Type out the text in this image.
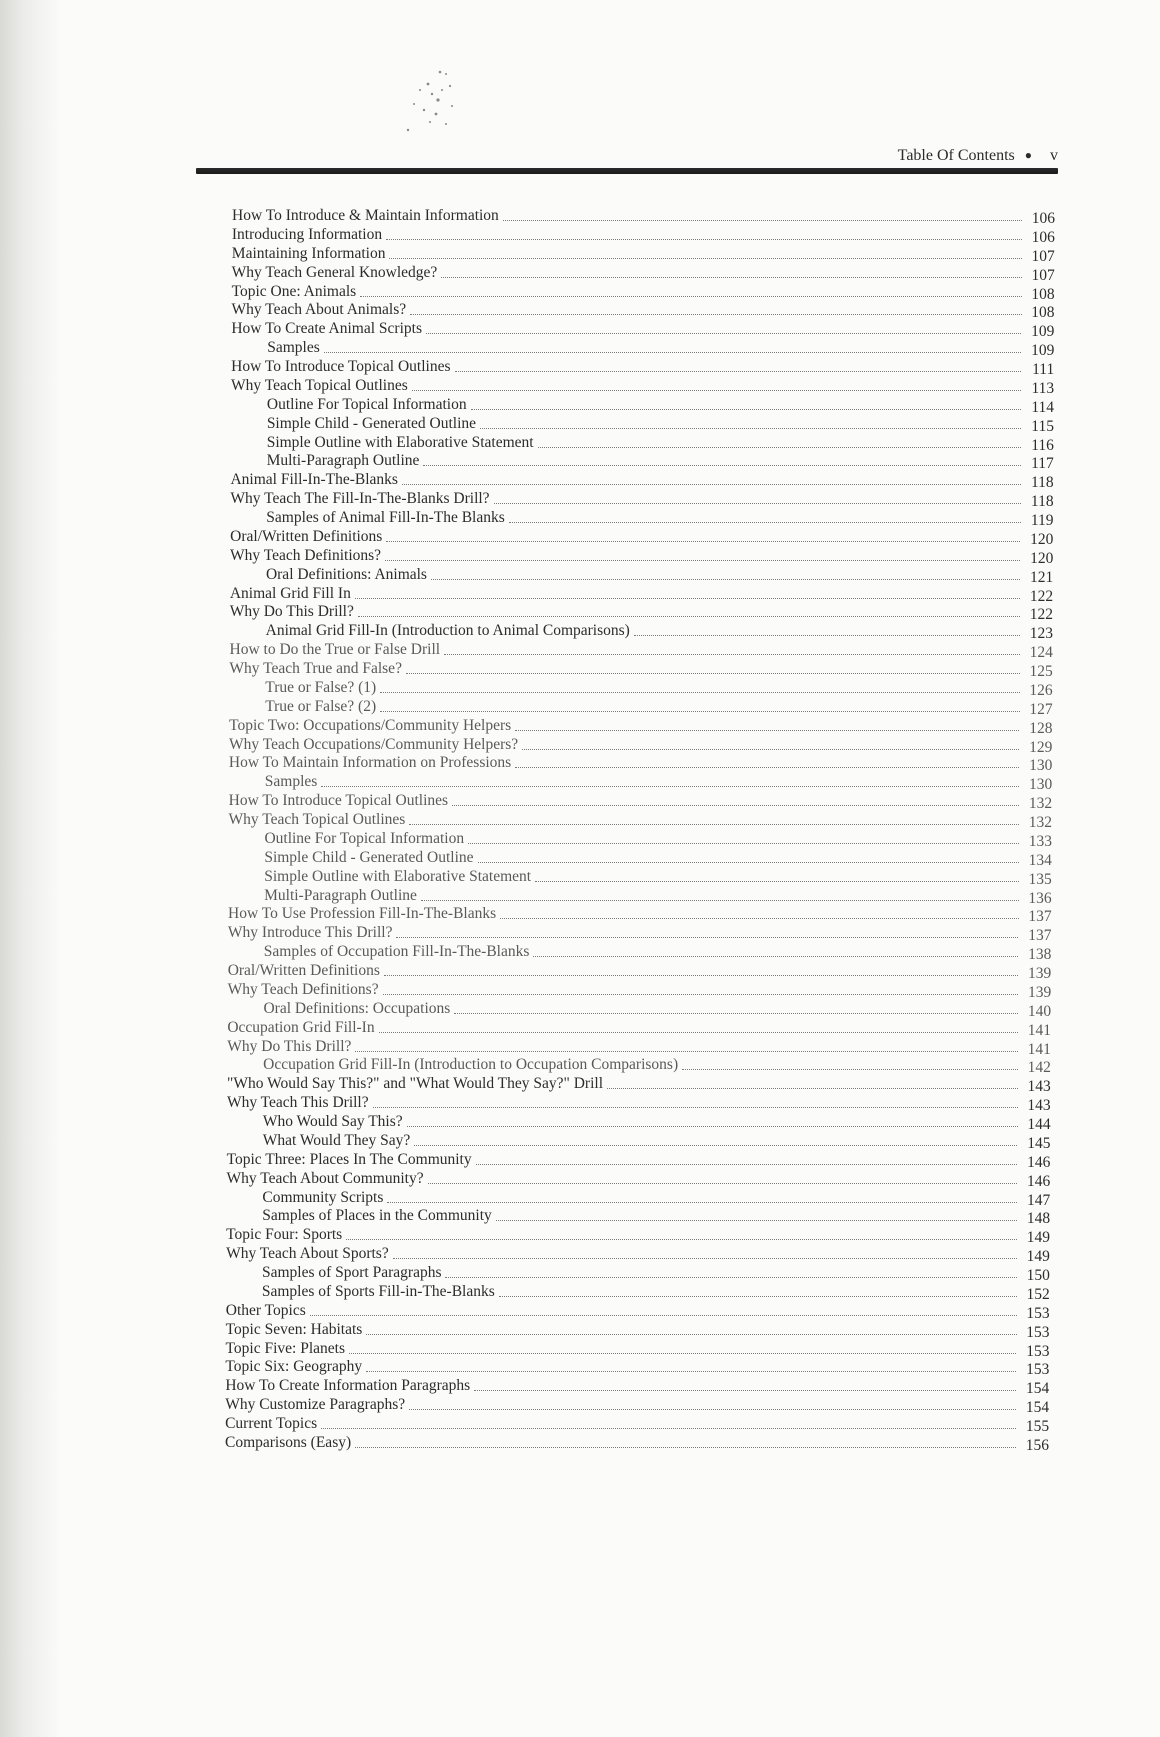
Table Of Contents ● v
How To Introduce & Maintain Information	106
Introducing Information	106
Maintaining Information	107
Why Teach General Knowledge?	107
Topic One: Animals	108
Why Teach About Animals?	108
How To Create Animal Scripts	109
Samples	109
How To Introduce Topical Outlines	111
Why Teach Topical Outlines	113
Outline For Topical Information	114
Simple Child - Generated Outline	115
Simple Outline with Elaborative Statement	116
Multi-Paragraph Outline	117
Animal Fill-In-The-Blanks	118
Why Teach The Fill-In-The-Blanks Drill?	118
Samples of Animal Fill-In-The Blanks	119
Oral/Written Definitions	120
Why Teach Definitions?	120
Oral Definitions: Animals	121
Animal Grid Fill In	122
Why Do This Drill?	122
Animal Grid Fill-In (Introduction to Animal Comparisons)	123
How to Do the True or False Drill	124
Why Teach True and False?	125
True or False? (1)	126
True or False? (2)	127
Topic Two: Occupations/Community Helpers	128
Why Teach Occupations/Community Helpers?	129
How To Maintain Information on Professions	130
Samples	130
How To Introduce Topical Outlines	132
Why Teach Topical Outlines	132
Outline For Topical Information	133
Simple Child - Generated Outline	134
Simple Outline with Elaborative Statement	135
Multi-Paragraph Outline	136
How To Use Profession Fill-In-The-Blanks	137
Why Introduce This Drill?	137
Samples of Occupation Fill-In-The-Blanks	138
Oral/Written Definitions	139
Why Teach Definitions?	139
Oral Definitions: Occupations	140
Occupation Grid Fill-In	141
Why Do This Drill?	141
Occupation Grid Fill-In (Introduction to Occupation Comparisons)	142
"Who Would Say This?" and "What Would They Say?" Drill	143
Why Teach This Drill?	143
Who Would Say This?	144
What Would They Say?	145
Topic Three: Places In The Community	146
Why Teach About Community?	146
Community Scripts	147
Samples of Places in the Community	148
Topic Four: Sports	149
Why Teach About Sports?	149
Samples of Sport Paragraphs	150
Samples of Sports Fill-in-The-Blanks	152
Other Topics	153
Topic Seven: Habitats	153
Topic Five: Planets	153
Topic Six: Geography	153
How To Create Information Paragraphs	154
Why Customize Paragraphs?	154
Current Topics	155
Comparisons (Easy)	156
